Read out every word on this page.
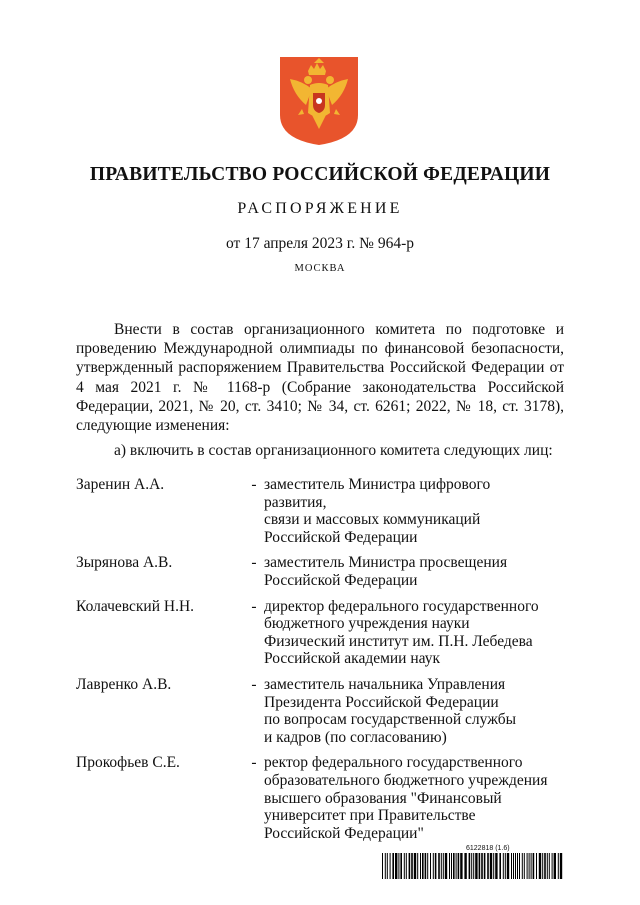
ПРАВИТЕЛЬСТВО РОССИЙСКОЙ ФЕДЕРАЦИИ
РАСПОРЯЖЕНИЕ
от 17 апреля 2023 г. № 964-р
МОСКВА
Внести в состав организационного комитета по подготовке и проведению Международной олимпиады по финансовой безопасности, утвержденный распоряжением Правительства Российской Федерации от 4 мая 2021 г. № 1168-р (Собрание законодательства Российской Федерации, 2021, № 20, ст. 3410; № 34, ст. 6261; 2022, № 18, ст. 3178), следующие изменения:
а) включить в состав организационного комитета следующих лиц:
Заренин А.А.	- заместитель Министра цифрового развития,
связи и массовых коммуникаций
Российской Федерации
Зырянова А.В.	- заместитель Министра просвещения
Российской Федерации
Колачевский Н.Н.	- директор федерального государственного
бюджетного учреждения науки
Физический институт им. П.Н. Лебедева
Российской академии наук
Лавренко А.В.	- заместитель начальника Управления
Президента Российской Федерации
по вопросам государственной службы
и кадров (по согласованию)
Прокофьев С.Е.	- ректор федерального государственного
образовательного бюджетного учреждения
высшего образования "Финансовый
университет при Правительстве
Российской Федерации"
6122818 (1.6)
